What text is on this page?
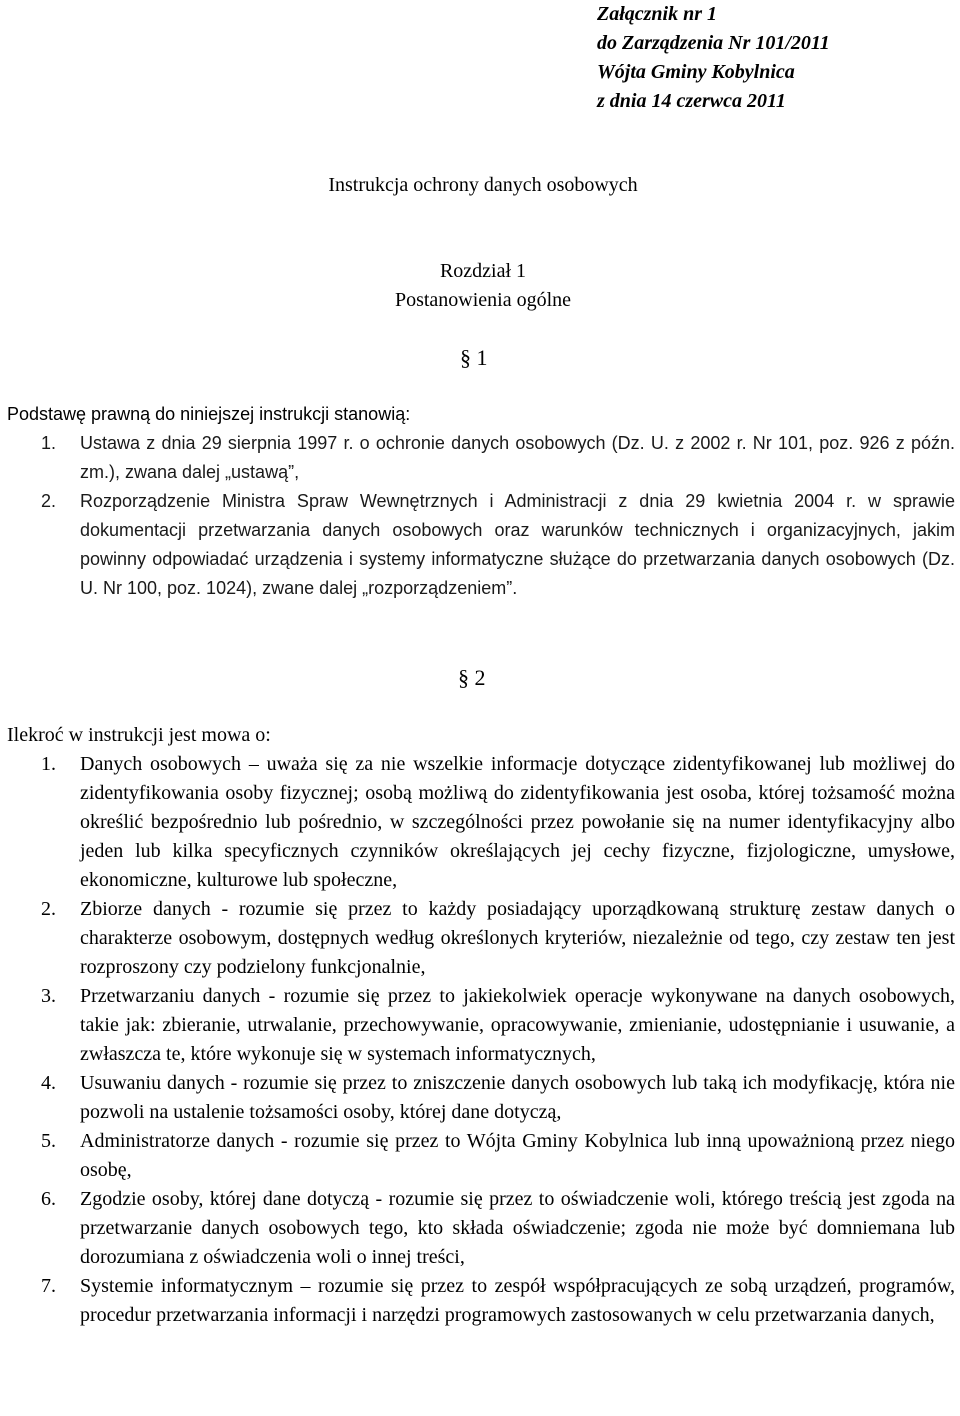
Załącznik nr 1
do Zarządzenia Nr 101/2011
Wójta Gminy Kobylnica
z dnia 14 czerwca 2011
Instrukcja ochrony danych osobowych
Rozdział 1
Postanowienia ogólne
§ 1
Podstawę prawną do niniejszej instrukcji stanowią:
1. Ustawa z dnia 29 sierpnia 1997 r. o ochronie danych osobowych (Dz. U. z 2002 r. Nr 101, poz. 926 z późn. zm.), zwana dalej „ustawą”,
2. Rozporządzenie Ministra Spraw Wewnętrznych i Administracji z dnia 29 kwietnia 2004 r. w sprawie dokumentacji przetwarzania danych osobowych oraz warunków technicznych i organizacyjnych, jakim powinny odpowiadać urządzenia i systemy informatyczne służące do przetwarzania danych osobowych (Dz. U. Nr 100, poz. 1024), zwane dalej „rozporządzeniem”.
§ 2
Ilekroć w instrukcji jest mowa o:
1. Danych osobowych – uważa się za nie wszelkie informacje dotyczące zidentyfikowanej lub możliwej do zidentyfikowania osoby fizycznej; osobą możliwą do zidentyfikowania jest osoba, której tożsamość można określić bezpośrednio lub pośrednio, w szczególności przez powołanie się na numer identyfikacyjny albo jeden lub kilka specyficznych czynników określających jej cechy fizyczne, fizjologiczne, umysłowe, ekonomiczne, kulturowe lub społeczne,
2. Zbiorze danych - rozumie się przez to każdy posiadający uporządkowaną strukturę zestaw danych o charakterze osobowym, dostępnych według określonych kryteriów, niezależnie od tego, czy zestaw ten jest rozproszony czy podzielony funkcjonalnie,
3. Przetwarzaniu danych - rozumie się przez to jakiekolwiek operacje wykonywane na danych osobowych, takie jak: zbieranie, utrwalanie, przechowywanie, opracowywanie, zmienianie, udostępnianie i usuwanie, a zwłaszcza te, które wykonuje się w systemach informatycznych,
4. Usuwaniu danych - rozumie się przez to zniszczenie danych osobowych lub taką ich modyfikację, która nie pozwoli na ustalenie tożsamości osoby, której dane dotyczą,
5. Administratorze danych - rozumie się przez to Wójta Gminy Kobylnica lub inną upoważnioną przez niego osobę,
6. Zgodzie osoby, której dane dotyczą - rozumie się przez to oświadczenie woli, którego treścią jest zgoda na przetwarzanie danych osobowych tego, kto składa oświadczenie; zgoda nie może być domniemana lub dorozumiana z oświadczenia woli o innej treści,
7. Systemie informatycznym – rozumie się przez to zespół współpracujących ze sobą urządzeń, programów, procedur przetwarzania informacji i narzędzi programowych zastosowanych w celu przetwarzania danych,
